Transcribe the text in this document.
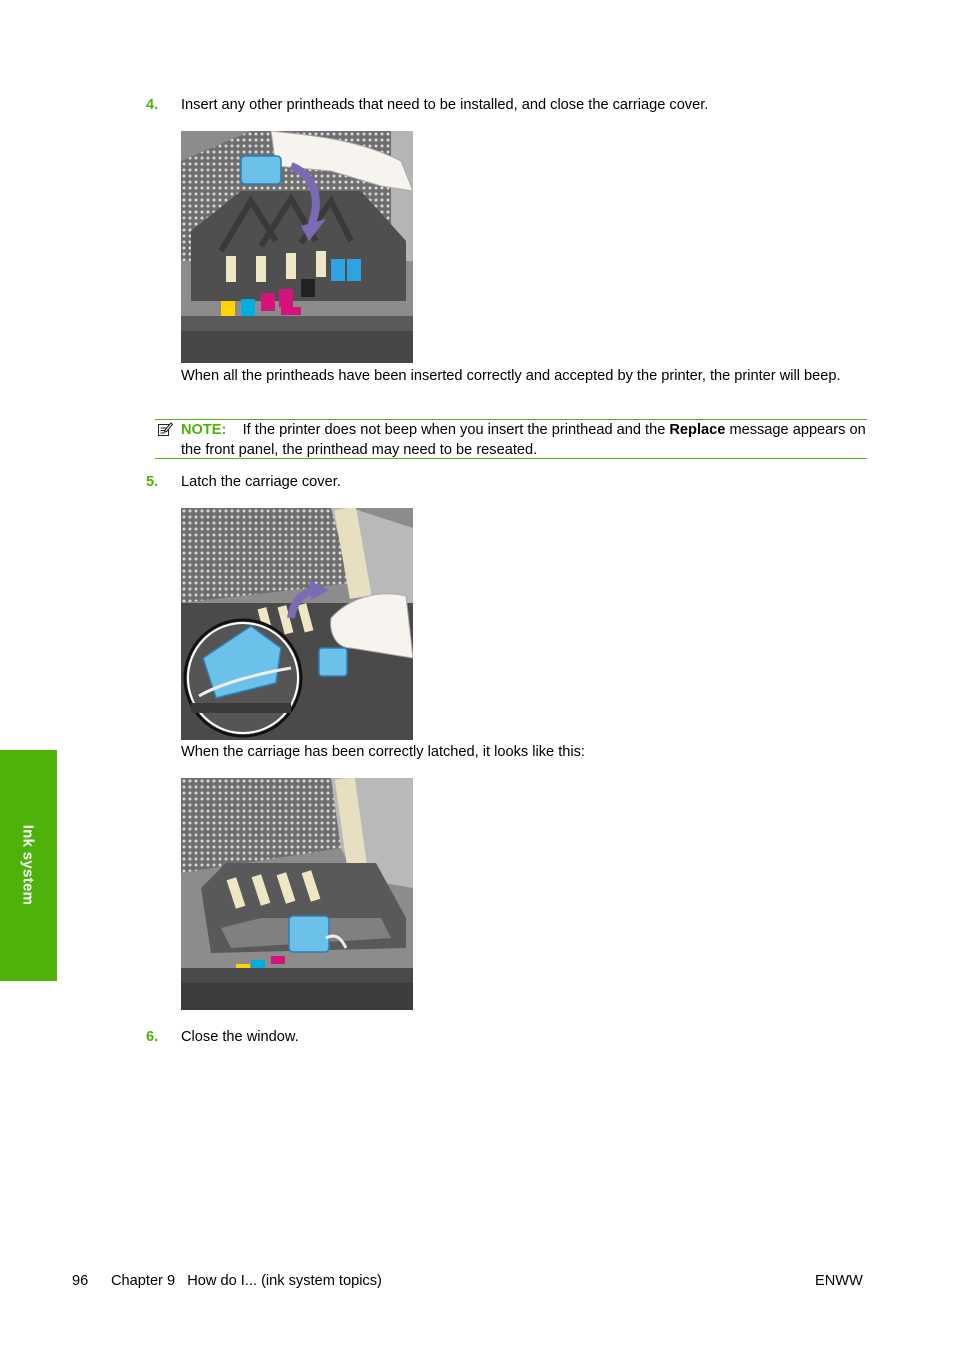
4. Insert any other printheads that need to be installed, and close the carriage cover.
When all the printheads have been inserted correctly and accepted by the printer, the printer will beep.
NOTE: If the printer does not beep when you insert the printhead and the Replace message appears on the front panel, the printhead may need to be reseated.
5. Latch the carriage cover.
When the carriage has been correctly latched, it looks like this:
6. Close the window.
Ink system
96 Chapter 9   How do I... (ink system topics)	ENWW
